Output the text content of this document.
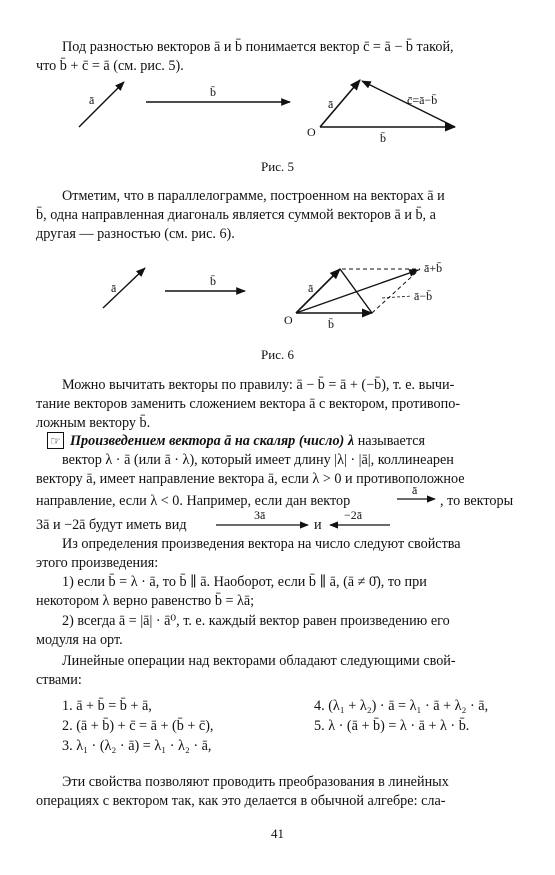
Под разностью векторов ā и b̄ понимается вектор c̄ = ā − b̄ такой,
что b̄ + c̄ = ā (см. рис. 5).
ā
b̄
O
ā
b̄
c̄=ā−b̄
Рис. 5
Отметим, что в параллелограмме, построенном на векторах ā и
b̄, одна направленная диагональ является суммой векторов ā и b̄, а
другая — разностью (см. рис. 6).
ā	b̄
O
ā
b̄
ā+b̄
ā−b̄
Рис. 6
Можно вычитать векторы по правилу: ā − b̄ = ā + (−b̄), т. е. вычи-
тание векторов заменить сложением вектора ā с вектором, противопо-
ложным вектору b̄.
☞ Произведением вектора ā на скаляр (число) λ называется
вектор λ · ā (или ā · λ), который имеет длину |λ| · |ā|, коллинеарен
вектору ā, имеет направление вектора ā, если λ > 0 и противоположное
направление, если λ < 0. Например, если дан вектор
ā
, то векторы
3ā и −2ā будут иметь вид
3ā
и
−2ā
Из определения произведения вектора на число следуют свойства
этого произведения:
1) если b̄ = λ · ā, то b̄ ∥ ā. Наоборот, если b̄ ∥ ā, (ā ≠ 0̄), то при
некотором λ верно равенство b̄ = λā;
2) всегда ā = |ā| · ā⁰, т. е. каждый вектор равен произведению его
модуля на орт.
Линейные операции над векторами обладают следующими свой-
ствами:
1. ā + b̄ = b̄ + ā,
2. (ā + b̄) + c̄ = ā + (b̄ + c̄),
3. λ₁ · (λ₂ · ā) = λ₁ · λ₂ · ā,
4. (λ₁ + λ₂) · ā = λ₁ · ā + λ₂ · ā,
5. λ · (ā + b̄) = λ · ā + λ · b̄.
Эти свойства позволяют проводить преобразования в линейных
операциях с вектором так, как это делается в обычной алгебре: сла-
41
